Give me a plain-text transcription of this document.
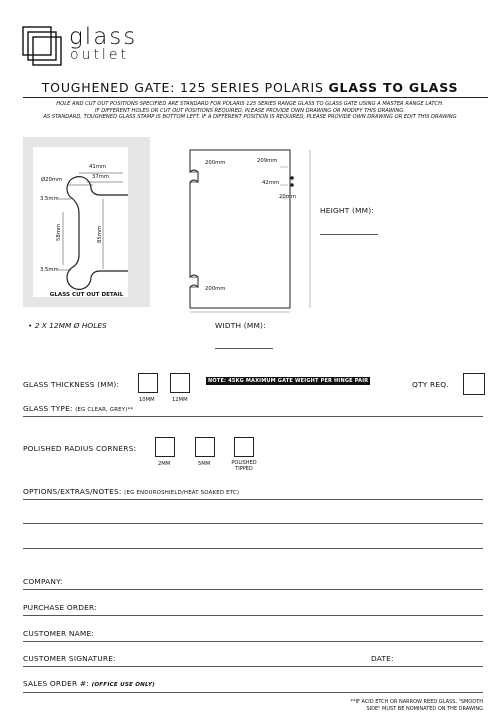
glass
outlet
TOUGHENED GATE: 125 SERIES POLARIS GLASS TO GLASS
HOLE AND CUT OUT POSITIONS SPECIFIED ARE STANDARD FOR POLARIS 125 SERIES RANGE GLASS TO GLASS GATE USING A MASTER RANGE LATCH.
IF DIFFERENT HOLES OR CUT OUT POSITIONS REQUIRED, PLEASE PROVIDE OWN DRAWING OR MODIFY THIS DRAWING.
AS STANDARD, TOUGHENED GLASS STAMP IS BOTTOM LEFT. IF A DIFFERENT POSITION IS REQUIRED, PLEASE PROVIDE OWN DRAWING OR EDIT THIS DRAWING
41mm
37mm
Ø20mm
3.5mm
58mm	85mm
3.5mm
GLASS CUT OUT DETAIL
200mm	209mm
42mm
20mm
200mm
HEIGHT (MM):
WIDTH (MM):
• 2 X 12MM Ø HOLES
GLASS THICKNESS (MM):
10MM	12MM
NOTE: 45KG MAXIMUM GATE WEIGHT PER HINGE PAIR	QTY REQ.
GLASS TYPE: (EG CLEAR, GREY)**
POLISHED RADIUS CORNERS:
2MM	5MM	POLISHED TIPPED
OPTIONS/EXTRAS/NOTES: (EG ENDUROSHIELD/HEAT SOAKED ETC)
COMPANY:
PURCHASE ORDER:
CUSTOMER NAME:
CUSTOMER SIGNATURE:	DATE:
SALES ORDER #: (OFFICE USE ONLY)
**IF ACID ETCH OR NARROW REED GLASS, "SMOOTH
SIDE" MUST BE NOMINATED ON THE DRAWING
